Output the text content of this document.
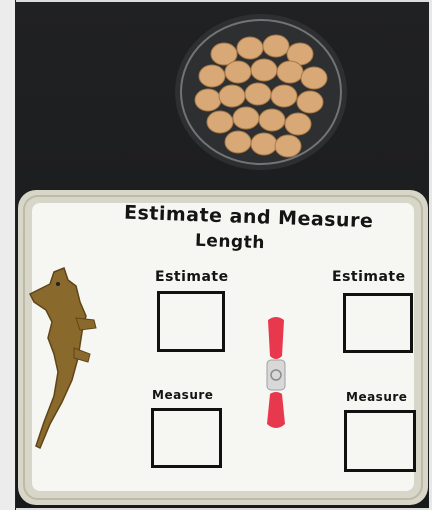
Estimate and Measure
Length
Estimate	Estimate
Measure	Measure
